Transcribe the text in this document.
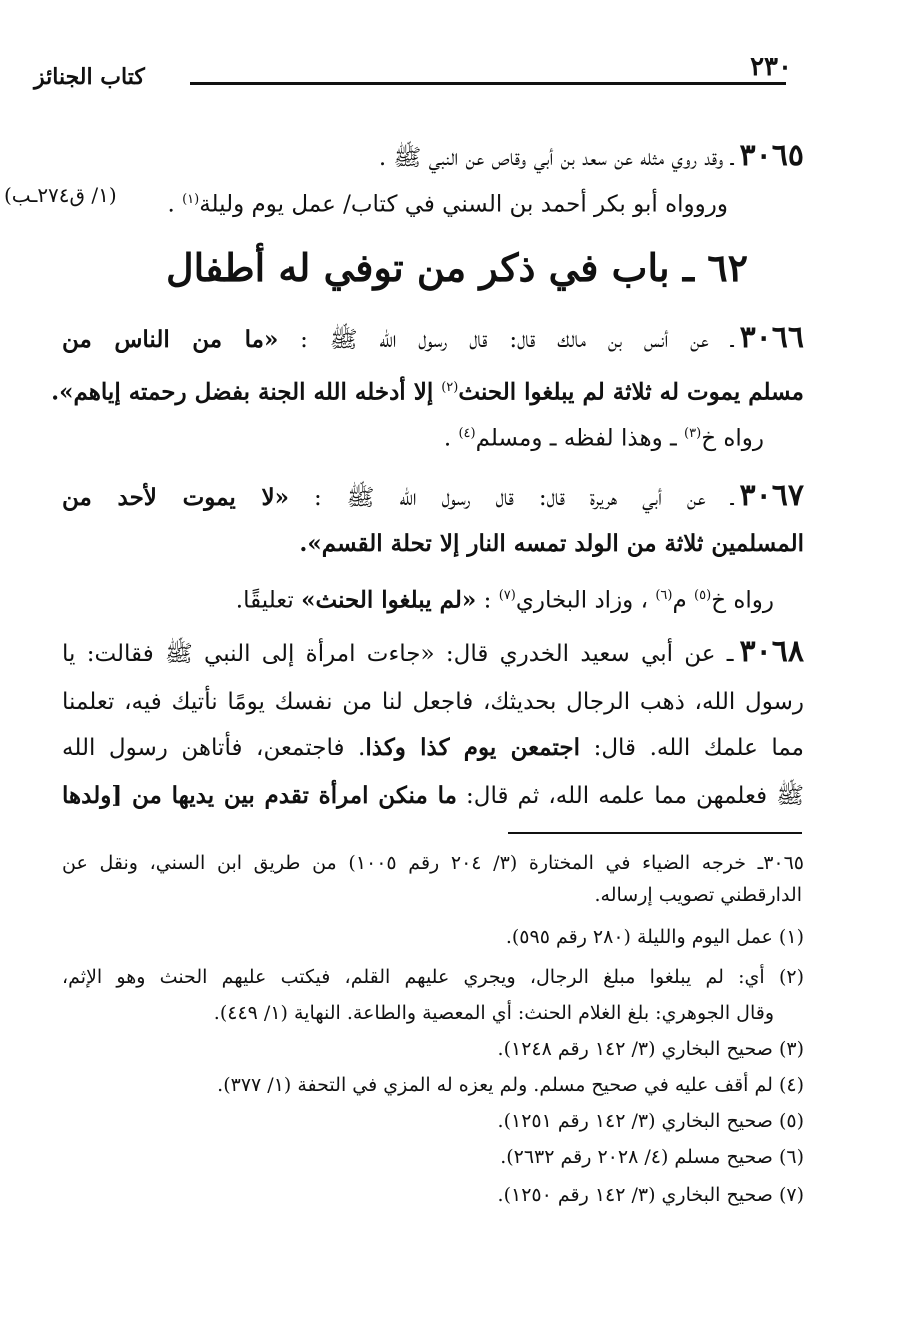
٢٣٠
كتاب الجنائز
٣٠٦٥ـ وقد روي مثله عن سعد بن أبي وقاص عن النبي ﷺ .
وروواه أبو بكر أحمد بن السني في كتاب/ عمل يوم وليلة$^{(١)}$ .
(١/ ق٢٧٤ـب)
٦٢ ـ باب في ذكر من توفي له أطفال
٣٠٦٦ـ عن أنس بن مالك قال: قال رسول الله ﷺ : «ما من الناس من
مسلم يموت له ثلاثة لم يبلغوا الحنث$^{(٢)}$ إلا أدخله الله الجنة بفضل رحمته إياهم».
رواه خ$^{(٣)}$ ـ وهذا لفظه ـ ومسلم$^{(٤)}$ .
٣٠٦٧ـ عن أبي هريرة قال: قال رسول الله ﷺ : «لا يموت لأحد من
المسلمين ثلاثة من الولد تمسه النار إلا تحلة القسم».
رواه خ$^{(٥)}$ م$^{(٦)}$ ، وزاد البخاري$^{(٧)}$ : «لم يبلغوا الحنث» تعليقًا.
٣٠٦٨ـ عن أبي سعيد الخدري قال: «جاءت امرأة إلى النبي ﷺ فقالت: يا
رسول الله، ذهب الرجال بحديثك، فاجعل لنا من نفسك يومًا نأتيك فيه، تعلمنا
مما علمك الله. قال: اجتمعن يوم كذا وكذا. فاجتمعن، فأتاهن رسول الله
ﷺ فعلمهن مما علمه الله، ثم قال: ما منكن امرأة تقدم بين يديها من [ولدها
٣٠٦٥ـ خرجه الضياء في المختارة (٣/ ٢٠٤ رقم ١٠٠٥) من طريق ابن السني، ونقل عن
الدارقطني تصويب إرساله.
(١) عمل اليوم والليلة (٢٨٠ رقم ٥٩٥).
(٢) أي: لم يبلغوا مبلغ الرجال، ويجري عليهم القلم، فيكتب عليهم الحنث وهو الإثم،
وقال الجوهري: بلغ الغلام الحنث: أي المعصية والطاعة. النهاية (١/ ٤٤٩).
(٣) صحيح البخاري (٣/ ١٤٢ رقم ١٢٤٨).
(٤) لم أقف عليه في صحيح مسلم. ولم يعزه له المزي في التحفة (١/ ٣٧٧).
(٥) صحيح البخاري (٣/ ١٤٢ رقم ١٢٥١).
(٦) صحيح مسلم (٤/ ٢٠٢٨ رقم ٢٦٣٢).
(٧) صحيح البخاري (٣/ ١٤٢ رقم ١٢٥٠).
